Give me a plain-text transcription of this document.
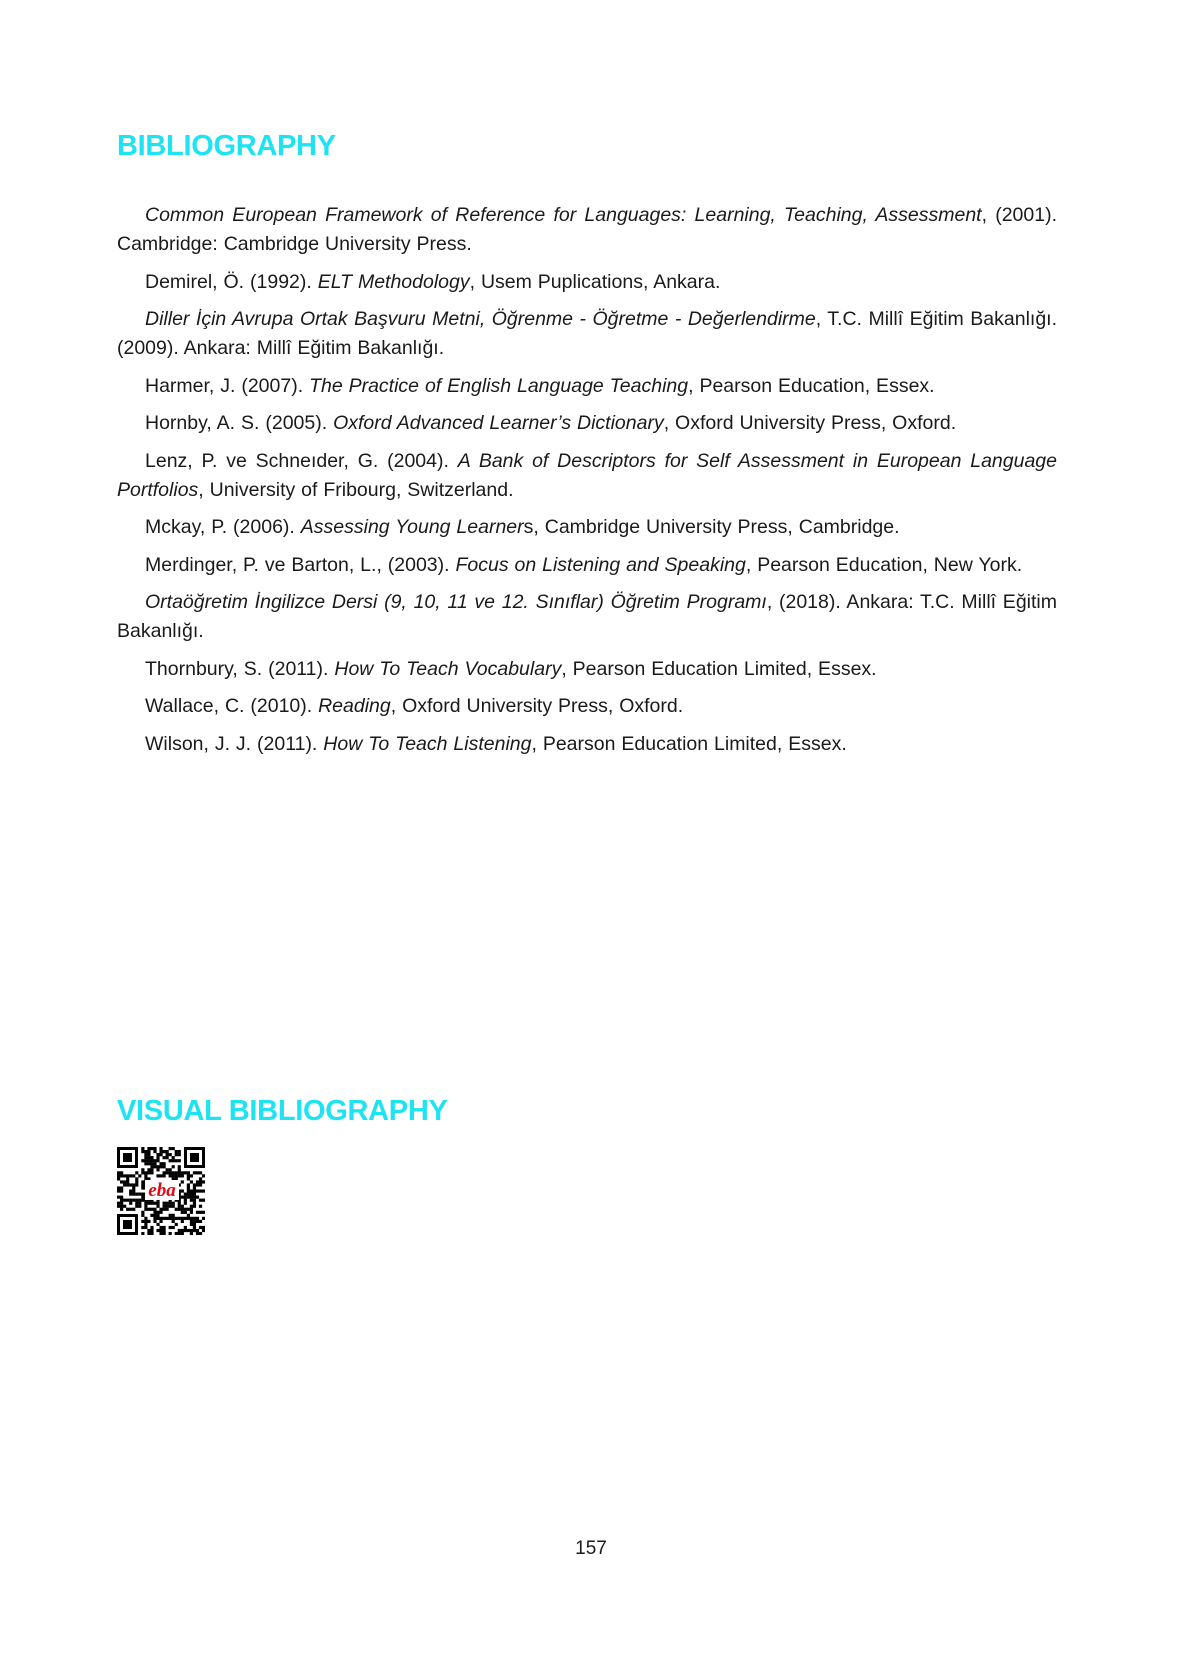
BIBLIOGRAPHY
Common European Framework of Reference for Languages: Learning, Teaching, Assessment, (2001). Cambridge: Cambridge University Press.
Demirel, Ö. (1992). ELT Methodology, Usem Puplications, Ankara.
Diller İçin Avrupa Ortak Başvuru Metni, Öğrenme - Öğretme - Değerlendirme, T.C. Millî Eğitim Bakanlığı. (2009). Ankara: Millî Eğitim Bakanlığı.
Harmer, J. (2007). The Practice of English Language Teaching, Pearson Education, Essex.
Hornby, A. S. (2005). Oxford Advanced Learner’s Dictionary, Oxford University Press, Oxford.
Lenz, P. ve Schneıder, G. (2004). A Bank of Descriptors for Self Assessment in European Language Portfolios, University of Fribourg, Switzerland.
Mckay, P. (2006). Assessing Young Learners, Cambridge University Press, Cambridge.
Merdinger, P. ve Barton, L., (2003). Focus on Listening and Speaking, Pearson Education, New York.
Ortaöğretim İngilizce Dersi (9, 10, 11 ve 12. Sınıflar) Öğretim Programı, (2018). Ankara: T.C. Millî Eğitim Bakanlığı.
Thornbury, S. (2011). How To Teach Vocabulary, Pearson Education Limited, Essex.
Wallace, C. (2010). Reading, Oxford University Press, Oxford.
Wilson, J. J. (2011). How To Teach Listening, Pearson Education Limited, Essex.
VISUAL BIBLIOGRAPHY
eba
157
